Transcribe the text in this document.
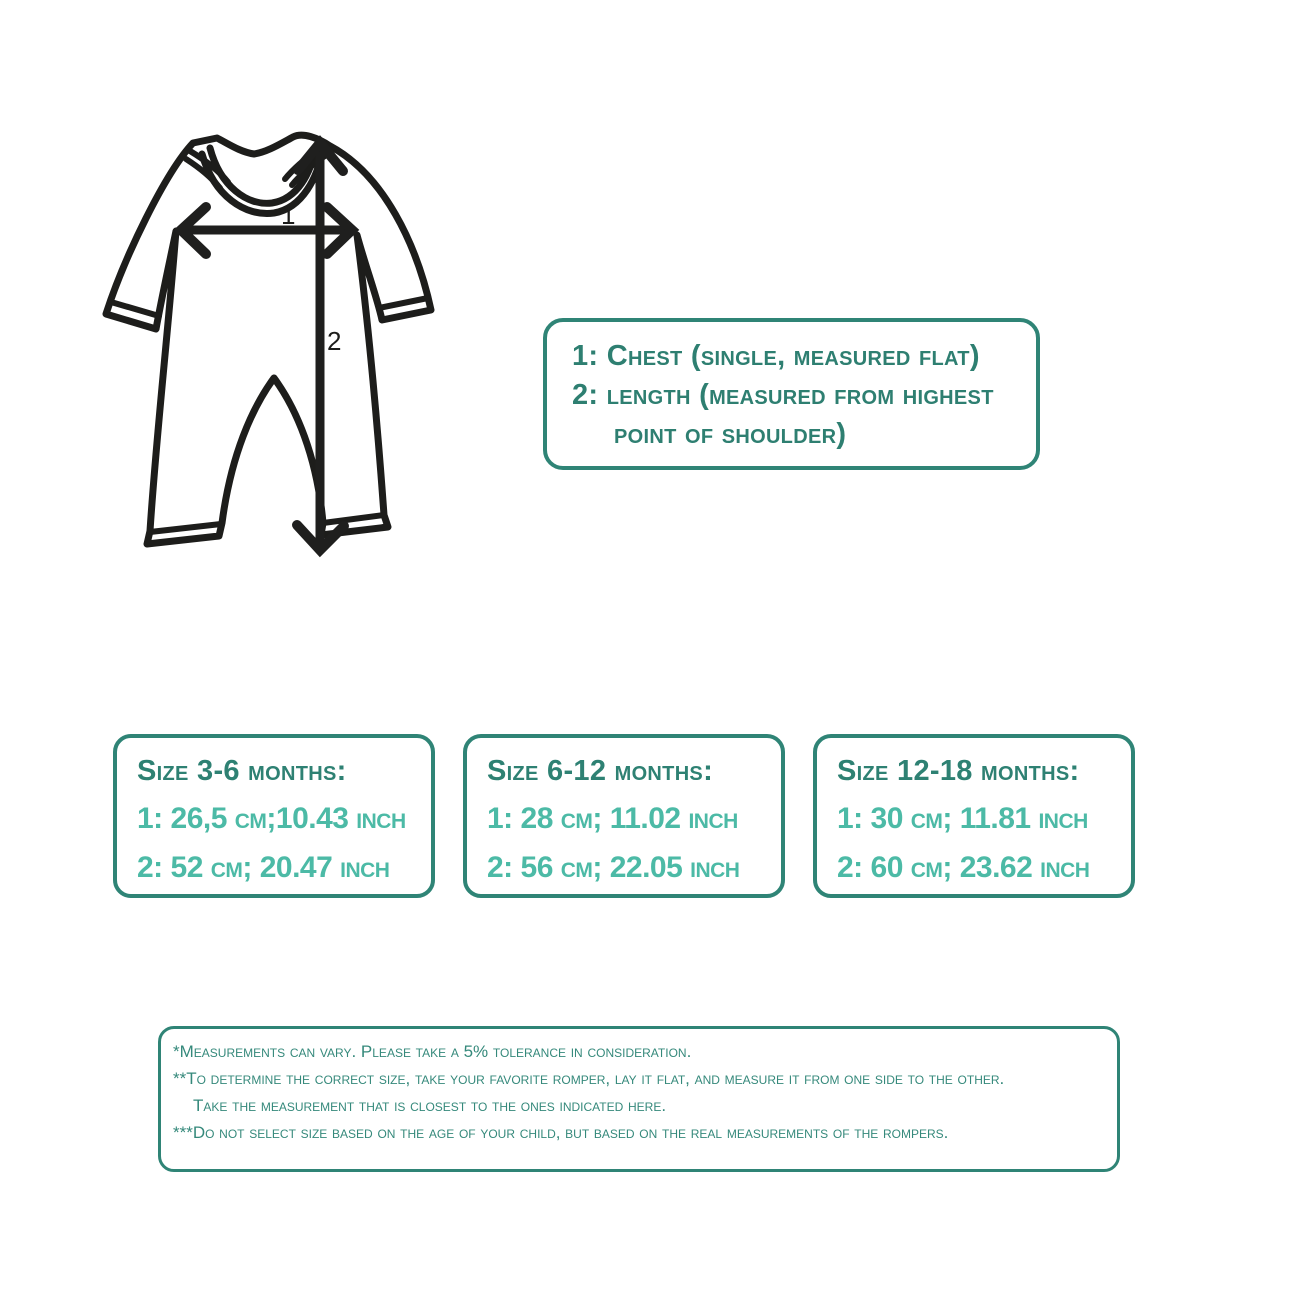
1
2	1: Chest (single, measured flat)
2: length (measured from highest
point of shoulder)
Size 3-6 months:
1: 26,5 cm;10.43 inch
2: 52 cm; 20.47 inch
Size 6-12 months:
1: 28 cm; 11.02 inch
2: 56 cm; 22.05 inch
Size 12-18 months:
1: 30 cm; 11.81 inch
2: 60 cm; 23.62 inch
*Measurements can vary. Please take a 5% tolerance in consideration.
**To determine the correct size, take your favorite romper, lay it flat, and measure it from one side to the other.
Take the measurement that is closest to the ones indicated here.
***Do not select size based on the age of your child, but based on the real measurements of the rompers.
